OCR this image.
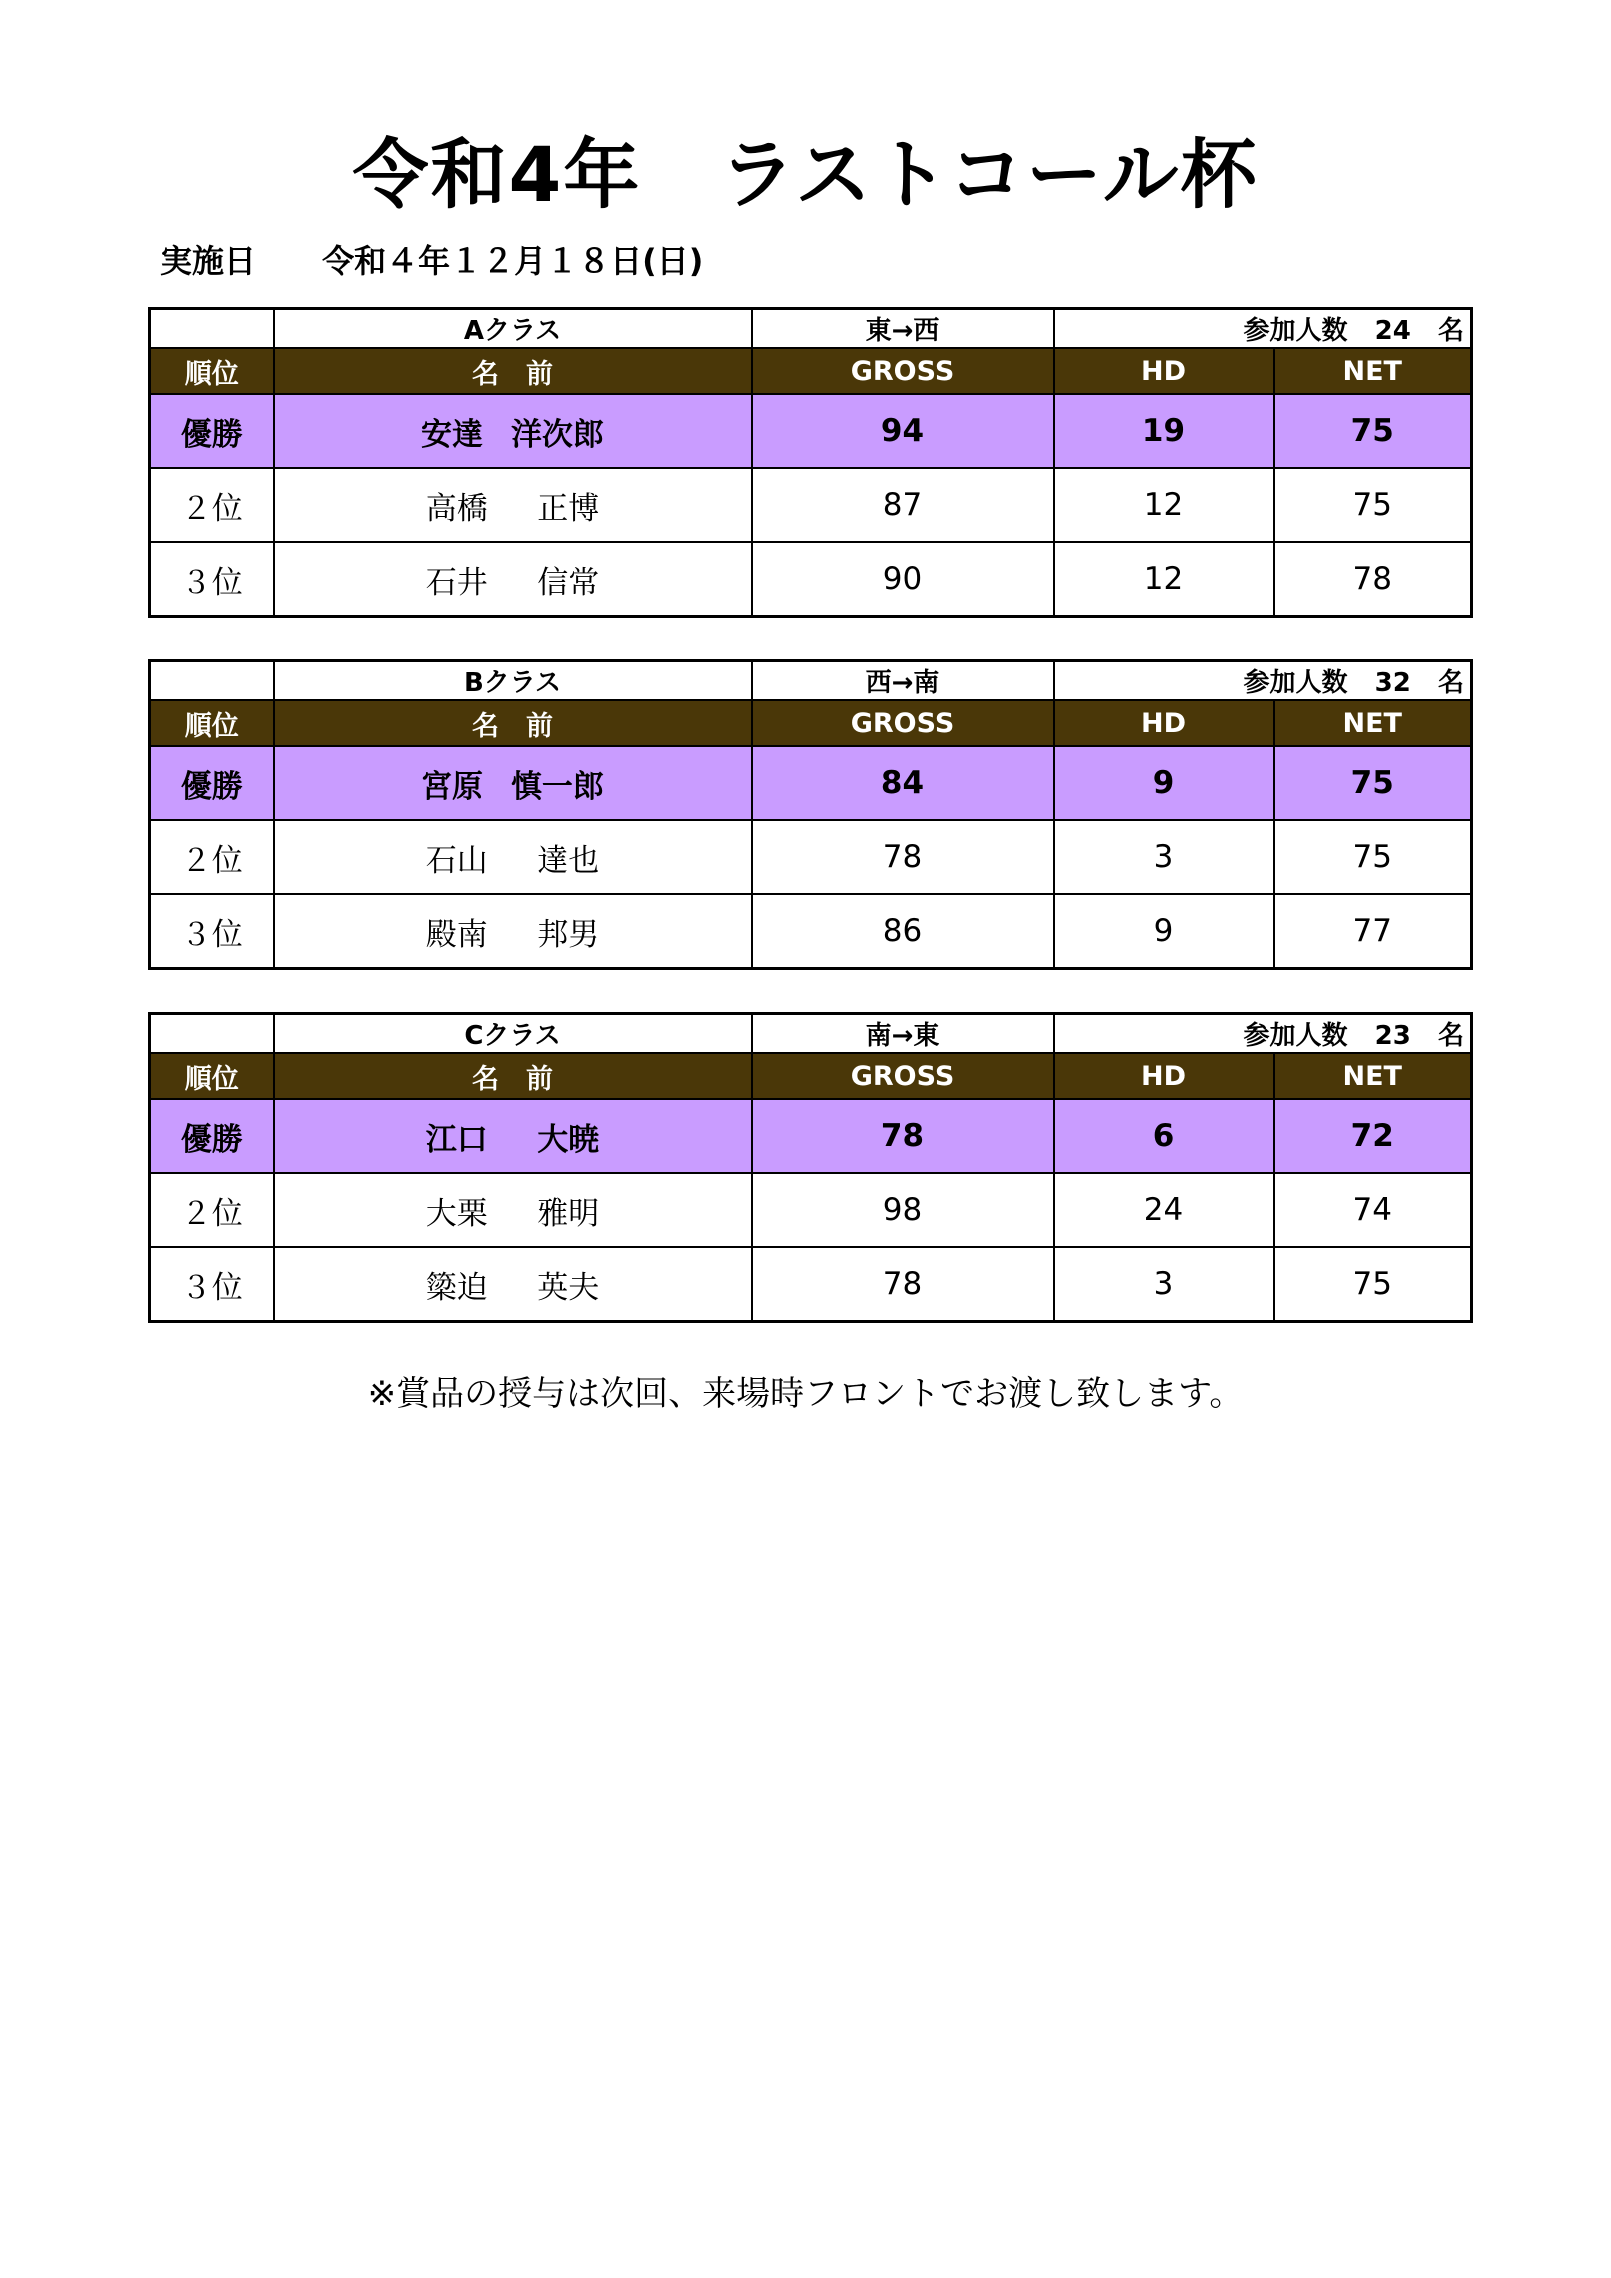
令和4年　ラストコール杯
実施日 令和４年１２月１８日(日)
	Aクラス	東→西	参加人数 24 名	
順位	名　前	GROSS	HD	NET
優勝	安達 洋次郎	94	19	75
２位	高橋 正博	87	12	75
３位	石井 信常	90	12	78
	Bクラス	西→南	参加人数 32 名	
順位	名　前	GROSS	HD	NET
優勝	宮原 慎一郎	84	9	75
２位	石山 達也	78	3	75
３位	殿南 邦男	86	9	77
	Cクラス	南→東	参加人数 23 名	
順位	名　前	GROSS	HD	NET
優勝	江口 大暁	78	6	72
２位	大栗 雅明	98	24	74
３位	簗迫 英夫	78	3	75
※賞品の授与は次回、来場時フロントでお渡し致します。
